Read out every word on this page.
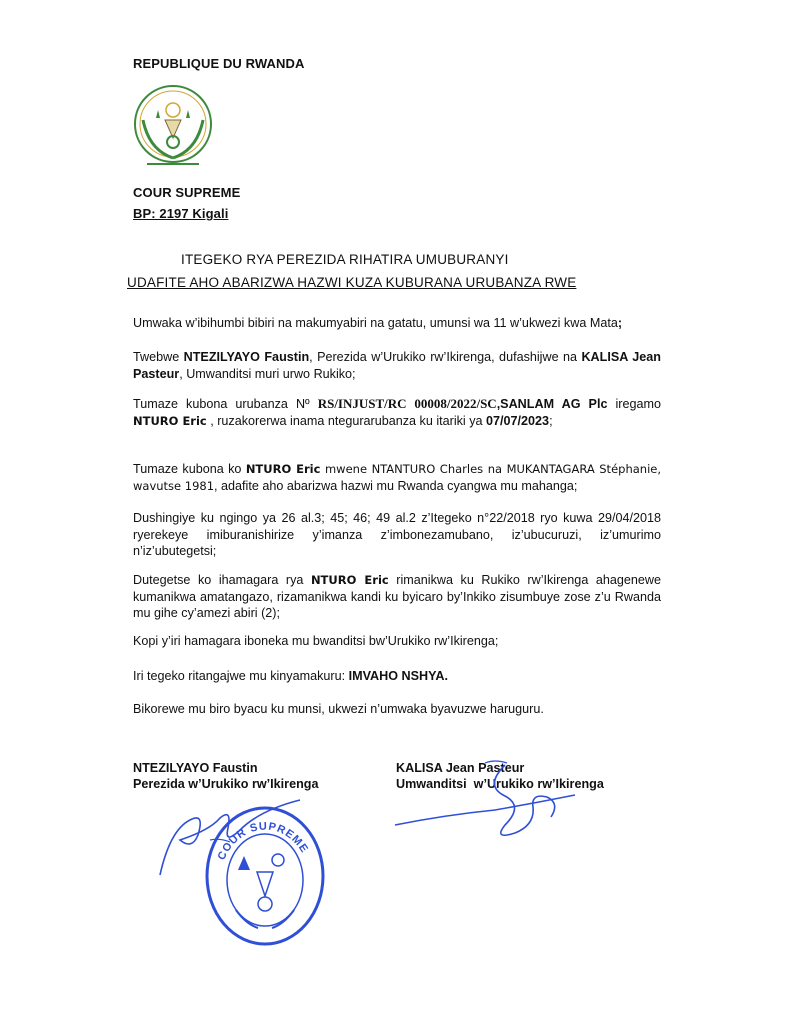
REPUBLIQUE DU RWANDA
COUR SUPREME
BP: 2197 Kigali
ITEGEKO RYA PEREZIDA RIHATIRA UMUBURANYI
UDAFITE AHO ABARIZWA HAZWI KUZA KUBURANA URUBANZA RWE
Umwaka w’ibihumbi bibiri na makumyabiri na gatatu, umunsi wa 11 w’ukwezi kwa Mata;
Twebwe NTEZILYAYO Faustin, Perezida w’Urukiko rw’Ikirenga, dufashijwe na KALISA Jean Pasteur, Umwanditsi muri urwo Rukiko;
Tumaze kubona urubanza Nº RS/INJUST/RC 00008/2022/SC,SANLAM AG Plc iregamo NTURO Eric , ruzakorerwa inama ntegurarubanza ku itariki ya 07/07/2023;
Tumaze kubona ko NTURO Eric mwene NTANTURO Charles na MUKANTAGARA Stéphanie, wavutse 1981, adafite aho abarizwa hazwi mu Rwanda cyangwa mu mahanga;
Dushingiye ku ngingo ya 26 al.3; 45; 46; 49 al.2 z’Itegeko n°22/2018 ryo kuwa 29/04/2018 ryerekeye imiburanishirize y’imanza z’imbonezamubano, iz’ubucuruzi, iz’umurimo n’iz’ubutegetsi;
Dutegetse ko ihamagara rya NTURO Eric rimanikwa ku Rukiko rw’Ikirenga ahagenewe kumanikwa amatangazo, rizamanikwa kandi ku byicaro by’Inkiko zisumbuye zose z’u Rwanda mu gihe cy’amezi abiri (2);
Kopi y’iri hamagara iboneka mu bwanditsi bw’Urukiko rw’Ikirenga;
Iri tegeko ritangajwe mu kinyamakuru: IMVAHO NSHYA.
Bikorewe mu biro byacu ku munsi, ukwezi n’umwaka byavuzwe haruguru.
NTEZILYAYO Faustin
Perezida w’Urukiko rw’Ikirenga
KALISA Jean Pasteur
Umwanditsi  w’Urukiko rw’Ikirenga
COUR SUPREME
